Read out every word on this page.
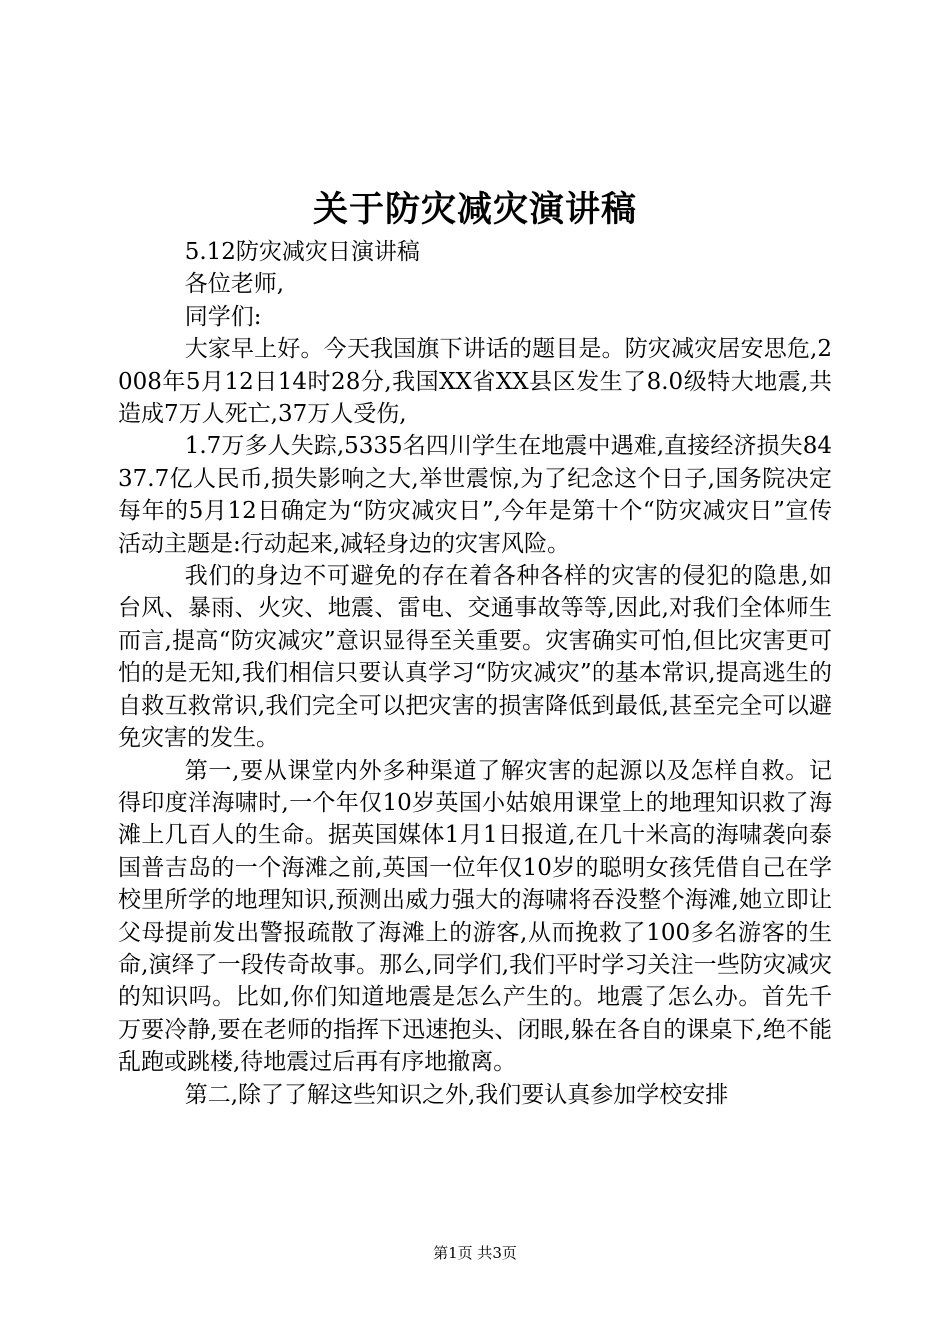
关于防灾减灾演讲稿

5.12防灾减灾日演讲稿

各位老师,

同学们:

大家早上好。今天我国旗下讲话的题目是。防灾减灾居安思危,2008年5月12日14时28分,我国XX省XX县区发生了8.0级特大地震,共造成7万人死亡,37万人受伤,

1.7万多人失踪,5335名四川学生在地震中遇难,直接经济损失8437.7亿人民币,损失影响之大,举世震惊,为了纪念这个日子,国务院决定每年的5月12日确定为“防灾减灾日”,今年是第十个“防灾减灾日”宣传活动主题是:行动起来,减轻身边的灾害风险。

我们的身边不可避免的存在着各种各样的灾害的侵犯的隐患,如台风、暴雨、火灾、地震、雷电、交通事故等等,因此,对我们全体师生而言,提高“防灾减灾”意识显得至关重要。灾害确实可怕,但比灾害更可怕的是无知,我们相信只要认真学习“防灾减灾”的基本常识,提高逃生的自救互救常识,我们完全可以把灾害的损害降低到最低,甚至完全可以避免灾害的发生。

第一,要从课堂内外多种渠道了解灾害的起源以及怎样自救。记得印度洋海啸时,一个年仅10岁英国小姑娘用课堂上的地理知识救了海滩上几百人的生命。据英国媒体1月1日报道,在几十米高的海啸袭向泰国普吉岛的一个海滩之前,英国一位年仅10岁的聪明女孩凭借自己在学校里所学的地理知识,预测出威力强大的海啸将吞没整个海滩,她立即让父母提前发出警报疏散了海滩上的游客,从而挽救了100多名游客的生命,演绎了一段传奇故事。那么,同学们,我们平时学习关注一些防灾减灾的知识吗。比如,你们知道地震是怎么产生的。地震了怎么办。首先千万要冷静,要在老师的指挥下迅速抱头、闭眼,躲在各自的课桌下,绝不能乱跑或跳楼,待地震过后再有序地撤离。

第二,除了了解这些知识之外,我们要认真参加学校安排

第1页 共3页
